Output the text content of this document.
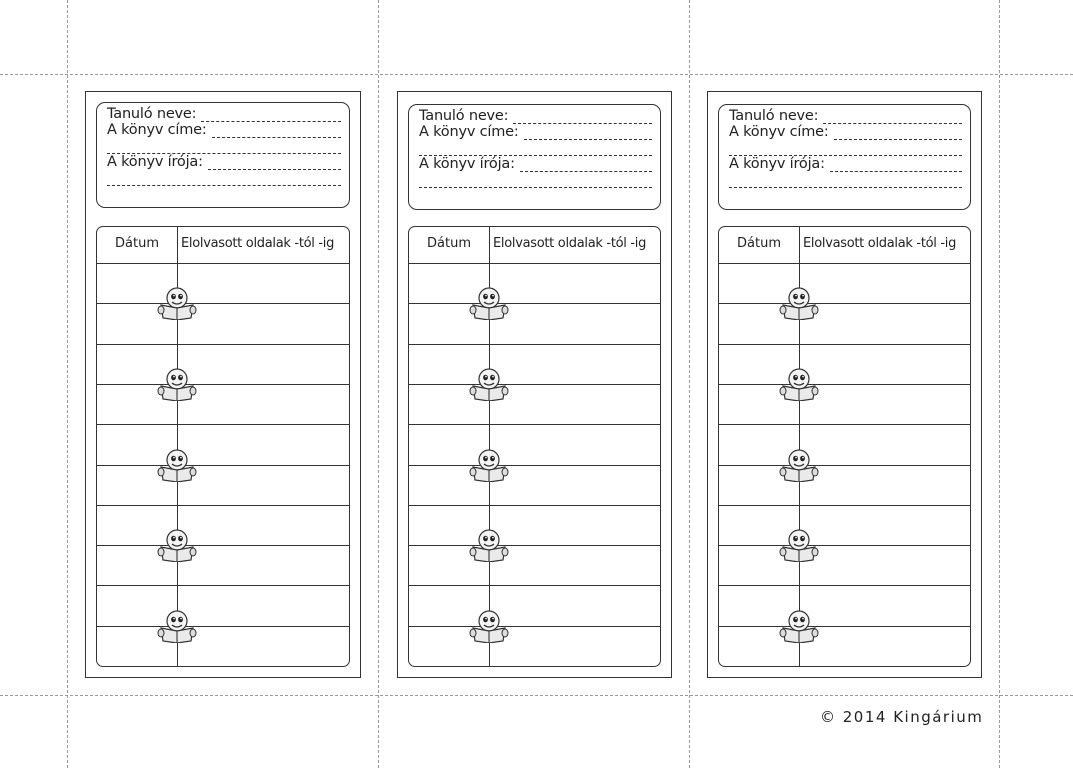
Tanuló neve:
A könyv címe:
A könyv írója:
Dátum	Elolvasott oldalak -tól -ig
Tanuló neve:
A könyv címe:
A könyv írója:
Dátum	Elolvasott oldalak -tól -ig
Tanuló neve:
A könyv címe:
A könyv írója:
Dátum	Elolvasott oldalak -tól -ig
© 2014 Kingárium
